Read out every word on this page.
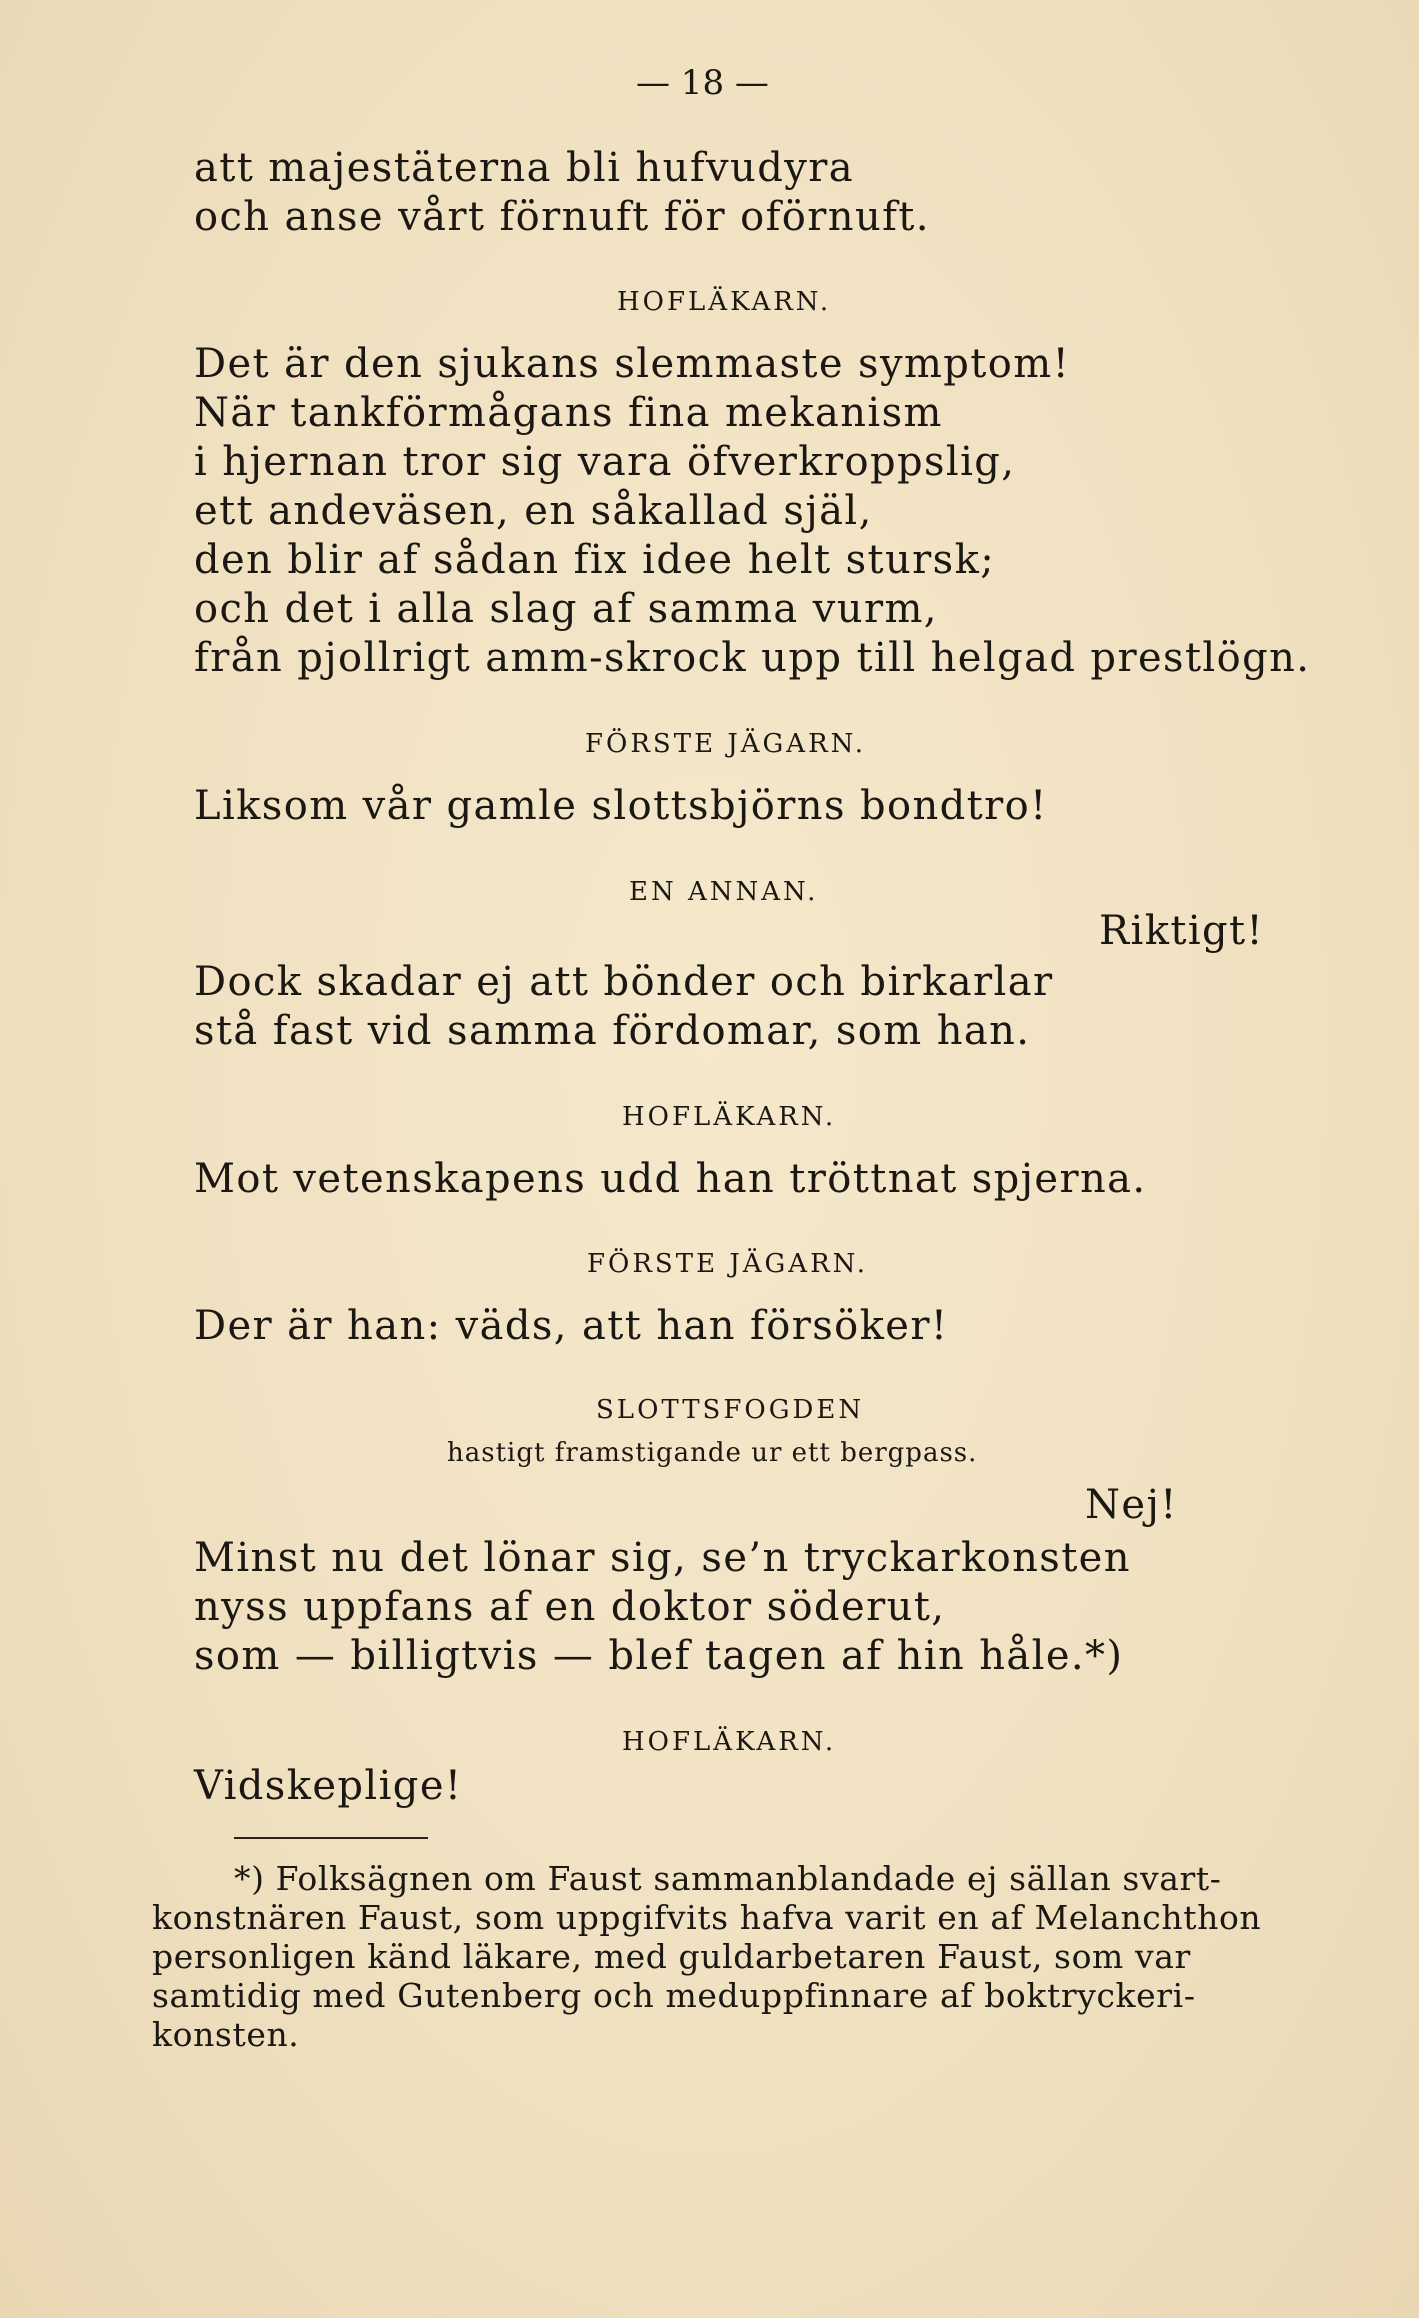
— 18 —
att majestäterna bli hufvudyra
och anse vårt förnuft för oförnuft.
HOFLÄKARN.
Det är den sjukans slemmaste symptom!
När tankförmågans fina mekanism
i hjernan tror sig vara öfverkroppslig,
ett andeväsen, en såkallad själ,
den blir af sådan fix idee helt stursk;
och det i alla slag af samma vurm,
från pjollrigt amm-skrock upp till helgad prestlögn.
FÖRSTE JÄGARN.
Liksom vår gamle slottsbjörns bondtro!
EN ANNAN.
Riktigt!
Dock skadar ej att bönder och birkarlar
stå fast vid samma fördomar, som han.
HOFLÄKARN.
Mot vetenskapens udd han tröttnat spjerna.
FÖRSTE JÄGARN.
Der är han: väds, att han försöker!
SLOTTSFOGDEN
hastigt framstigande ur ett bergpass.
Nej!
Minst nu det lönar sig, se’n tryckarkonsten
nyss uppfans af en doktor söderut,
som — billigtvis — blef tagen af hin håle.*)
HOFLÄKARN.
Vidskeplige!
*) Folksägnen om Faust sammanblandade ej sällan svart-
konstnären Faust, som uppgifvits hafva varit en af Melanchthon
personligen känd läkare, med guldarbetaren Faust, som var
samtidig med Gutenberg och meduppfinnare af boktryckeri-
konsten.
